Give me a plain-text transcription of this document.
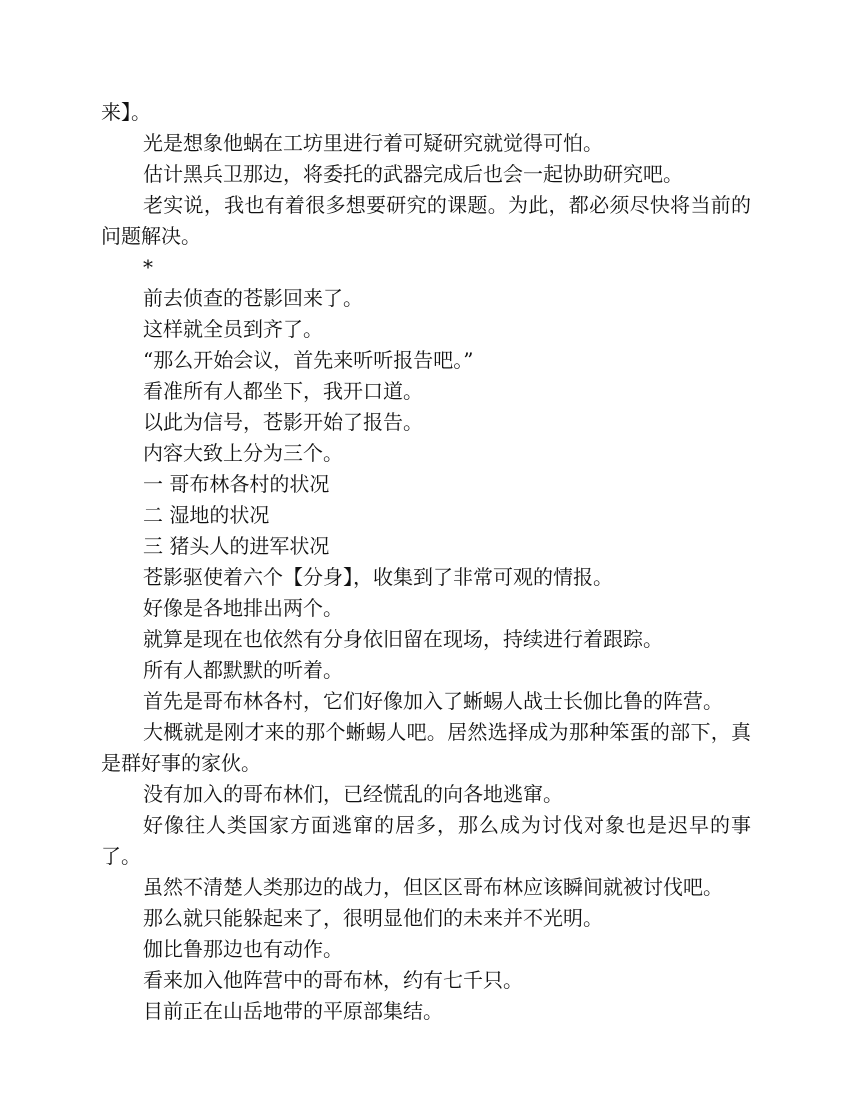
来】。

光是想象他蜗在工坊里进行着可疑研究就觉得可怕。

估计黑兵卫那边，将委托的武器完成后也会一起协助研究吧。

老实说，我也有着很多想要研究的课题。为此，都必须尽快将当前的问题解决。

*

前去侦查的苍影回来了。

这样就全员到齐了。

“那么开始会议，首先来听听报告吧。”

看准所有人都坐下，我开口道。

以此为信号，苍影开始了报告。

内容大致上分为三个。

一 哥布林各村的状况

二 湿地的状况

三 猪头人的进军状况

苍影驱使着六个【分身】，收集到了非常可观的情报。

好像是各地排出两个。

就算是现在也依然有分身依旧留在现场，持续进行着跟踪。

所有人都默默的听着。

首先是哥布林各村，它们好像加入了蜥蜴人战士长伽比鲁的阵营。

大概就是刚才来的那个蜥蜴人吧。居然选择成为那种笨蛋的部下，真是群好事的家伙。

没有加入的哥布林们，已经慌乱的向各地逃窜。

好像往人类国家方面逃窜的居多，那么成为讨伐对象也是迟早的事了。

虽然不清楚人类那边的战力，但区区哥布林应该瞬间就被讨伐吧。

那么就只能躲起来了，很明显他们的未来并不光明。

伽比鲁那边也有动作。

看来加入他阵营中的哥布林，约有七千只。

目前正在山岳地带的平原部集结。
